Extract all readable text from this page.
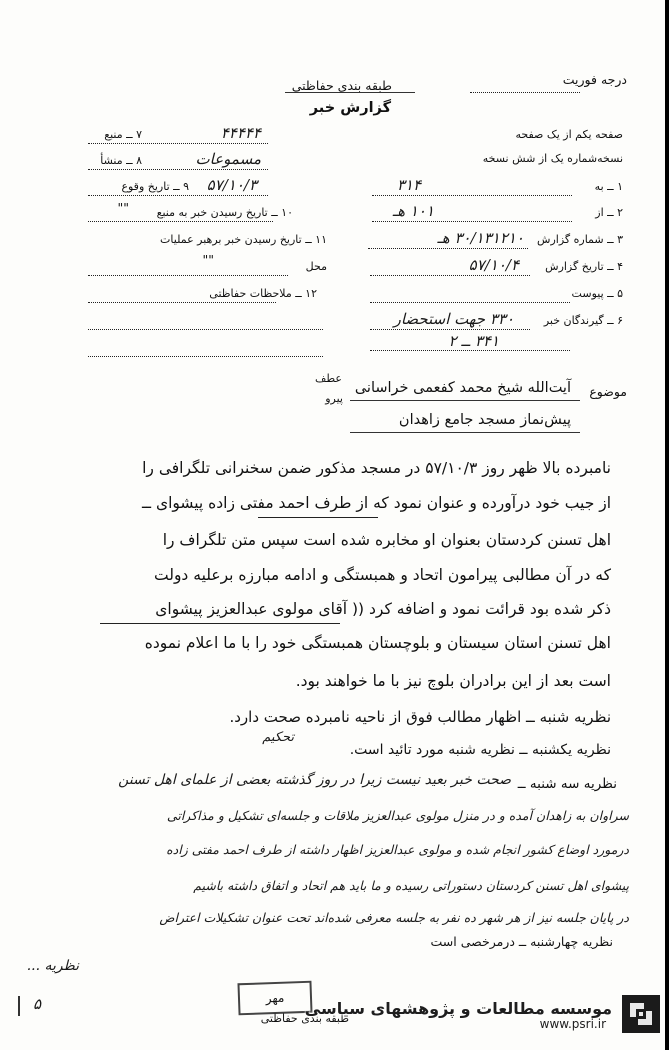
طبقه بندی حفاظتی
گزارش خبر
درجه فوریت
صفحه یکم از یک صفحه
نسخه‌شماره یک از شش نسخه
۱ ــ به
۳۱۴
۲ ــ از
۱۰۱ هـ
۳ ــ شماره گزارش
۳۰/۱۳۱۲۱۰ هـ
۴ ــ تاریخ گزارش
۵۷/۱۰/۴
۵ ــ پیوست
۶ ــ گیرندگان خبر
۳۳۰ جهت استحضار
۳۴۱ ــ ۲
۷ ــ منبع	۴۴۴۴۴
۸ ــ منشأ	مسموعات
۹ ــ تاریخ وقوع ۵۷/۱۰/۳
۱۰ ــ تاریخ رسیدن خبر به منبع
""
۱۱ ــ تاریخ رسیدن خبر برهبر عملیات
""	محل
۱۲ ــ ملاحظات حفاظتی
موضوع
عطف
پیرو
آیت‌الله شیخ محمد کفعمی خراسانی
پیش‌نماز مسجد جامع زاهدان
نامبرده بالا ظهر روز ۵۷/۱۰/۳ در مسجد مذکور ضمن سخنرانی تلگرافی را
از جیب خود درآورده و عنوان نمود که از طرف احمد مفتی زاده پیشوای ــ
اهل تسنن کردستان بعنوان او مخابره شده است سپس متن تلگراف را
که در آن مطالبی پیرامون اتحاد و همبستگی و ادامه مبارزه برعلیه دولت
ذکر شده بود قرائت نمود و اضافه کرد (( آقای مولوی عبدالعزیز پیشوای
اهل تسنن استان سیستان و بلوچستان همبستگی خود را با ما اعلام نموده
است بعد از این برادران بلوچ نیز با ما خواهند بود.
نظریه شنبه ــ اظهار مطالب فوق از ناحیه نامبرده صحت دارد.
نظریه یکشنبه ــ نظریه شنبه مورد تائید است.
تحکیم
نظریه سه شنبه ــ
صحت خبر بعید نیست زیرا در روز گذشته بعضی از علمای اهل تسنن
سراوان به زاهدان آمده و در منزل مولوی عبدالعزیز ملاقات و جلسه‌ای تشکیل و مذاکراتی
درمورد اوضاع کشور انجام شده و مولوی عبدالعزیز اظهار داشته از طرف احمد مفتی زاده
پیشوای اهل تسنن کردستان دستوراتی رسیده و ما باید هم اتحاد و اتفاق داشته باشیم
در پایان جلسه نیز از هر شهر ده نفر به جلسه معرفی شده‌اند تحت عنوان تشکیلات اعتراض
نظریه چهارشنبه ــ درمرخصی است
نظریه ...
مهر
طبقه بندی حفاظتی
۵	موسسه مطالعات و پژوهشهای سیاسی
www.psri.ir
